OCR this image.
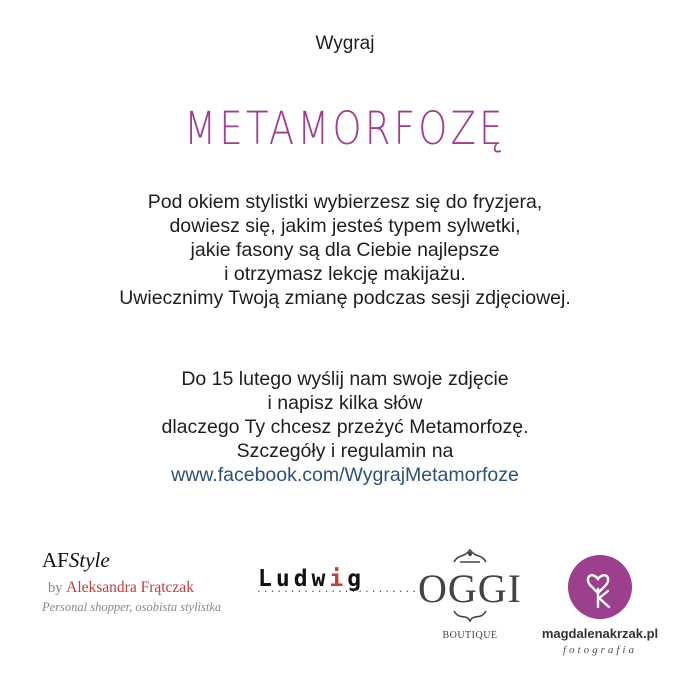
Wygraj
METAMORFOZĘ
Pod okiem stylistki wybierzesz się do fryzjera,
dowiesz się, jakim jesteś typem sylwetki,
jakie fasony są dla Ciebie najlepsze
i otrzymasz lekcję makijażu.
Uwiecznimy Twoją zmianę podczas sesji zdjęciowej.
Do 15 lutego wyślij nam swoje zdjęcie
i napisz kilka słów
dlaczego Ty chcesz przeżyć Metamorfozę.
Szczegóły i regulamin na
www.facebook.com/WygrajMetamorfoze
AFStyle
by Aleksandra Frątczak
Personal shopper, osobista stylistka
Ludwig
••••••••••••••••••••••••
OGGI
BOUTIQUE	magdalenakrzak.pl
fotografia
